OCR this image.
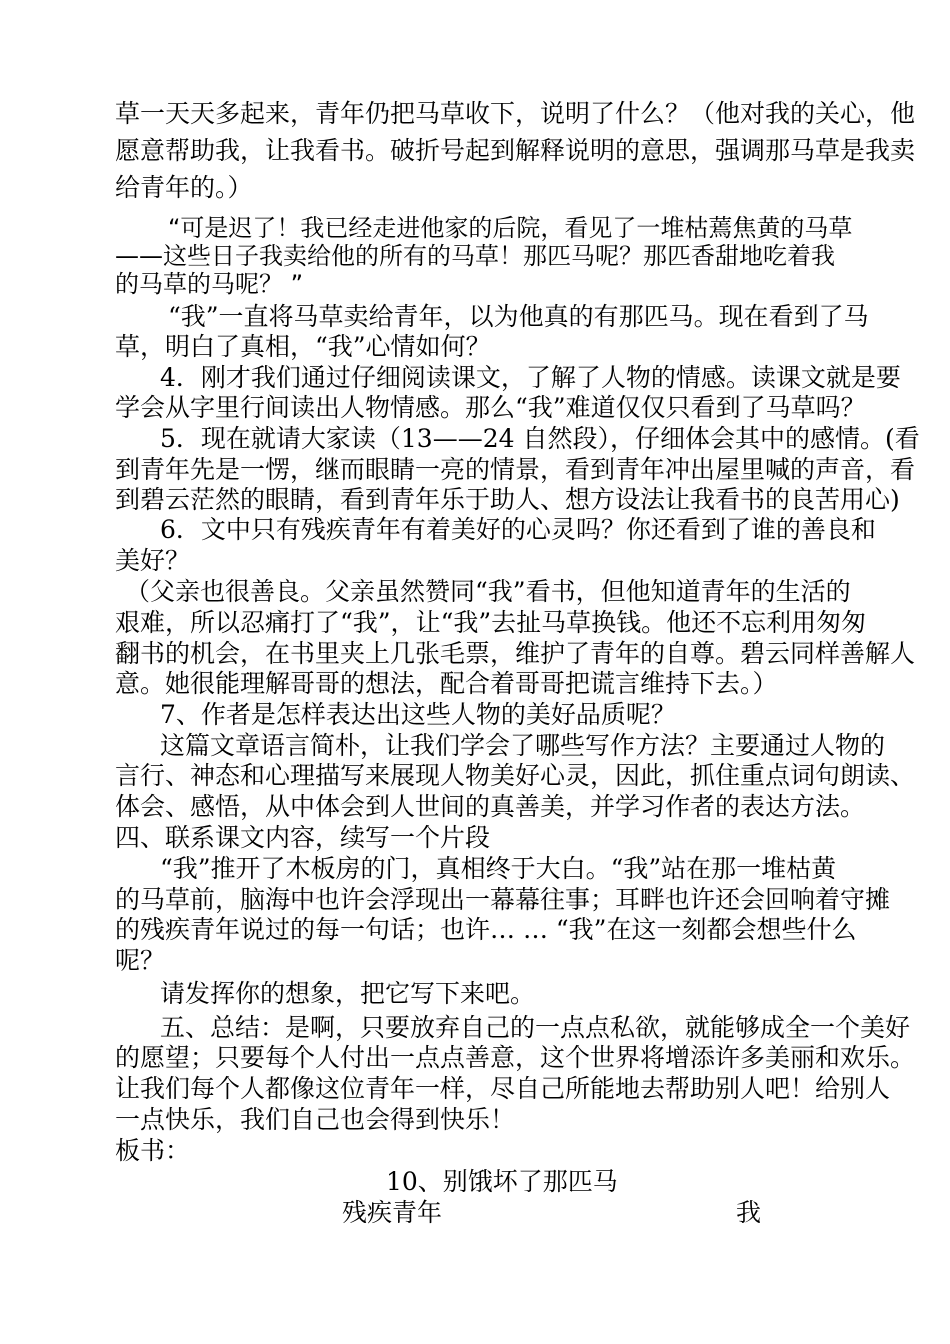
草一天天多起来，青年仍把马草收下，说明了什么？（他对我的关心，他

愿意帮助我，让我看书。破折号起到解释说明的意思，强调那马草是我卖

给青年的。）

“可是迟了！我已经走进他家的后院，看见了一堆枯蔫焦黄的马草

——这些日子我卖给他的所有的马草！那匹马呢？那匹香甜地吃着我

的马草的马呢？ ”

“我”一直将马草卖给青年，以为他真的有那匹马。现在看到了马

草，明白了真相，“我”心情如何？

4．刚才我们通过仔细阅读课文，了解了人物的情感。读课文就是要

学会从字里行间读出人物情感。那么“我”难道仅仅只看到了马草吗？

5．现在就请大家读（13——24 自然段），仔细体会其中的感情。(看

到青年先是一愣，继而眼睛一亮的情景，看到青年冲出屋里喊的声音，看

到碧云茫然的眼睛，看到青年乐于助人、想方设法让我看书的良苦用心)

6．文中只有残疾青年有着美好的心灵吗？你还看到了谁的善良和

美好？

（父亲也很善良。父亲虽然赞同“我”看书，但他知道青年的生活的

艰难，所以忍痛打了“我”，让“我”去扯马草换钱。他还不忘利用匆匆

翻书的机会，在书里夹上几张毛票，维护了青年的自尊。碧云同样善解人

意。她很能理解哥哥的想法，配合着哥哥把谎言维持下去。）

7、作者是怎样表达出这些人物的美好品质呢？

这篇文章语言简朴，让我们学会了哪些写作方法？主要通过人物的

言行、神态和心理描写来展现人物美好心灵，因此，抓住重点词句朗读、

体会、感悟，从中体会到人世间的真善美，并学习作者的表达方法。

四、联系课文内容，续写一个片段

“我”推开了木板房的门，真相终于大白。“我”站在那一堆枯黄

的马草前，脑海中也许会浮现出一幕幕往事；耳畔也许还会回响着守摊

的残疾青年说过的每一句话；也许… … “我”在这一刻都会想些什么

呢？

请发挥你的想象，把它写下来吧。

五、总结：是啊，只要放弃自己的一点点私欲，就能够成全一个美好

的愿望；只要每个人付出一点点善意，这个世界将增添许多美丽和欢乐。

让我们每个人都像这位青年一样，尽自己所能地去帮助别人吧！给别人

一点快乐，我们自己也会得到快乐！

板书：

10、别饿坏了那匹马

残疾青年	我
